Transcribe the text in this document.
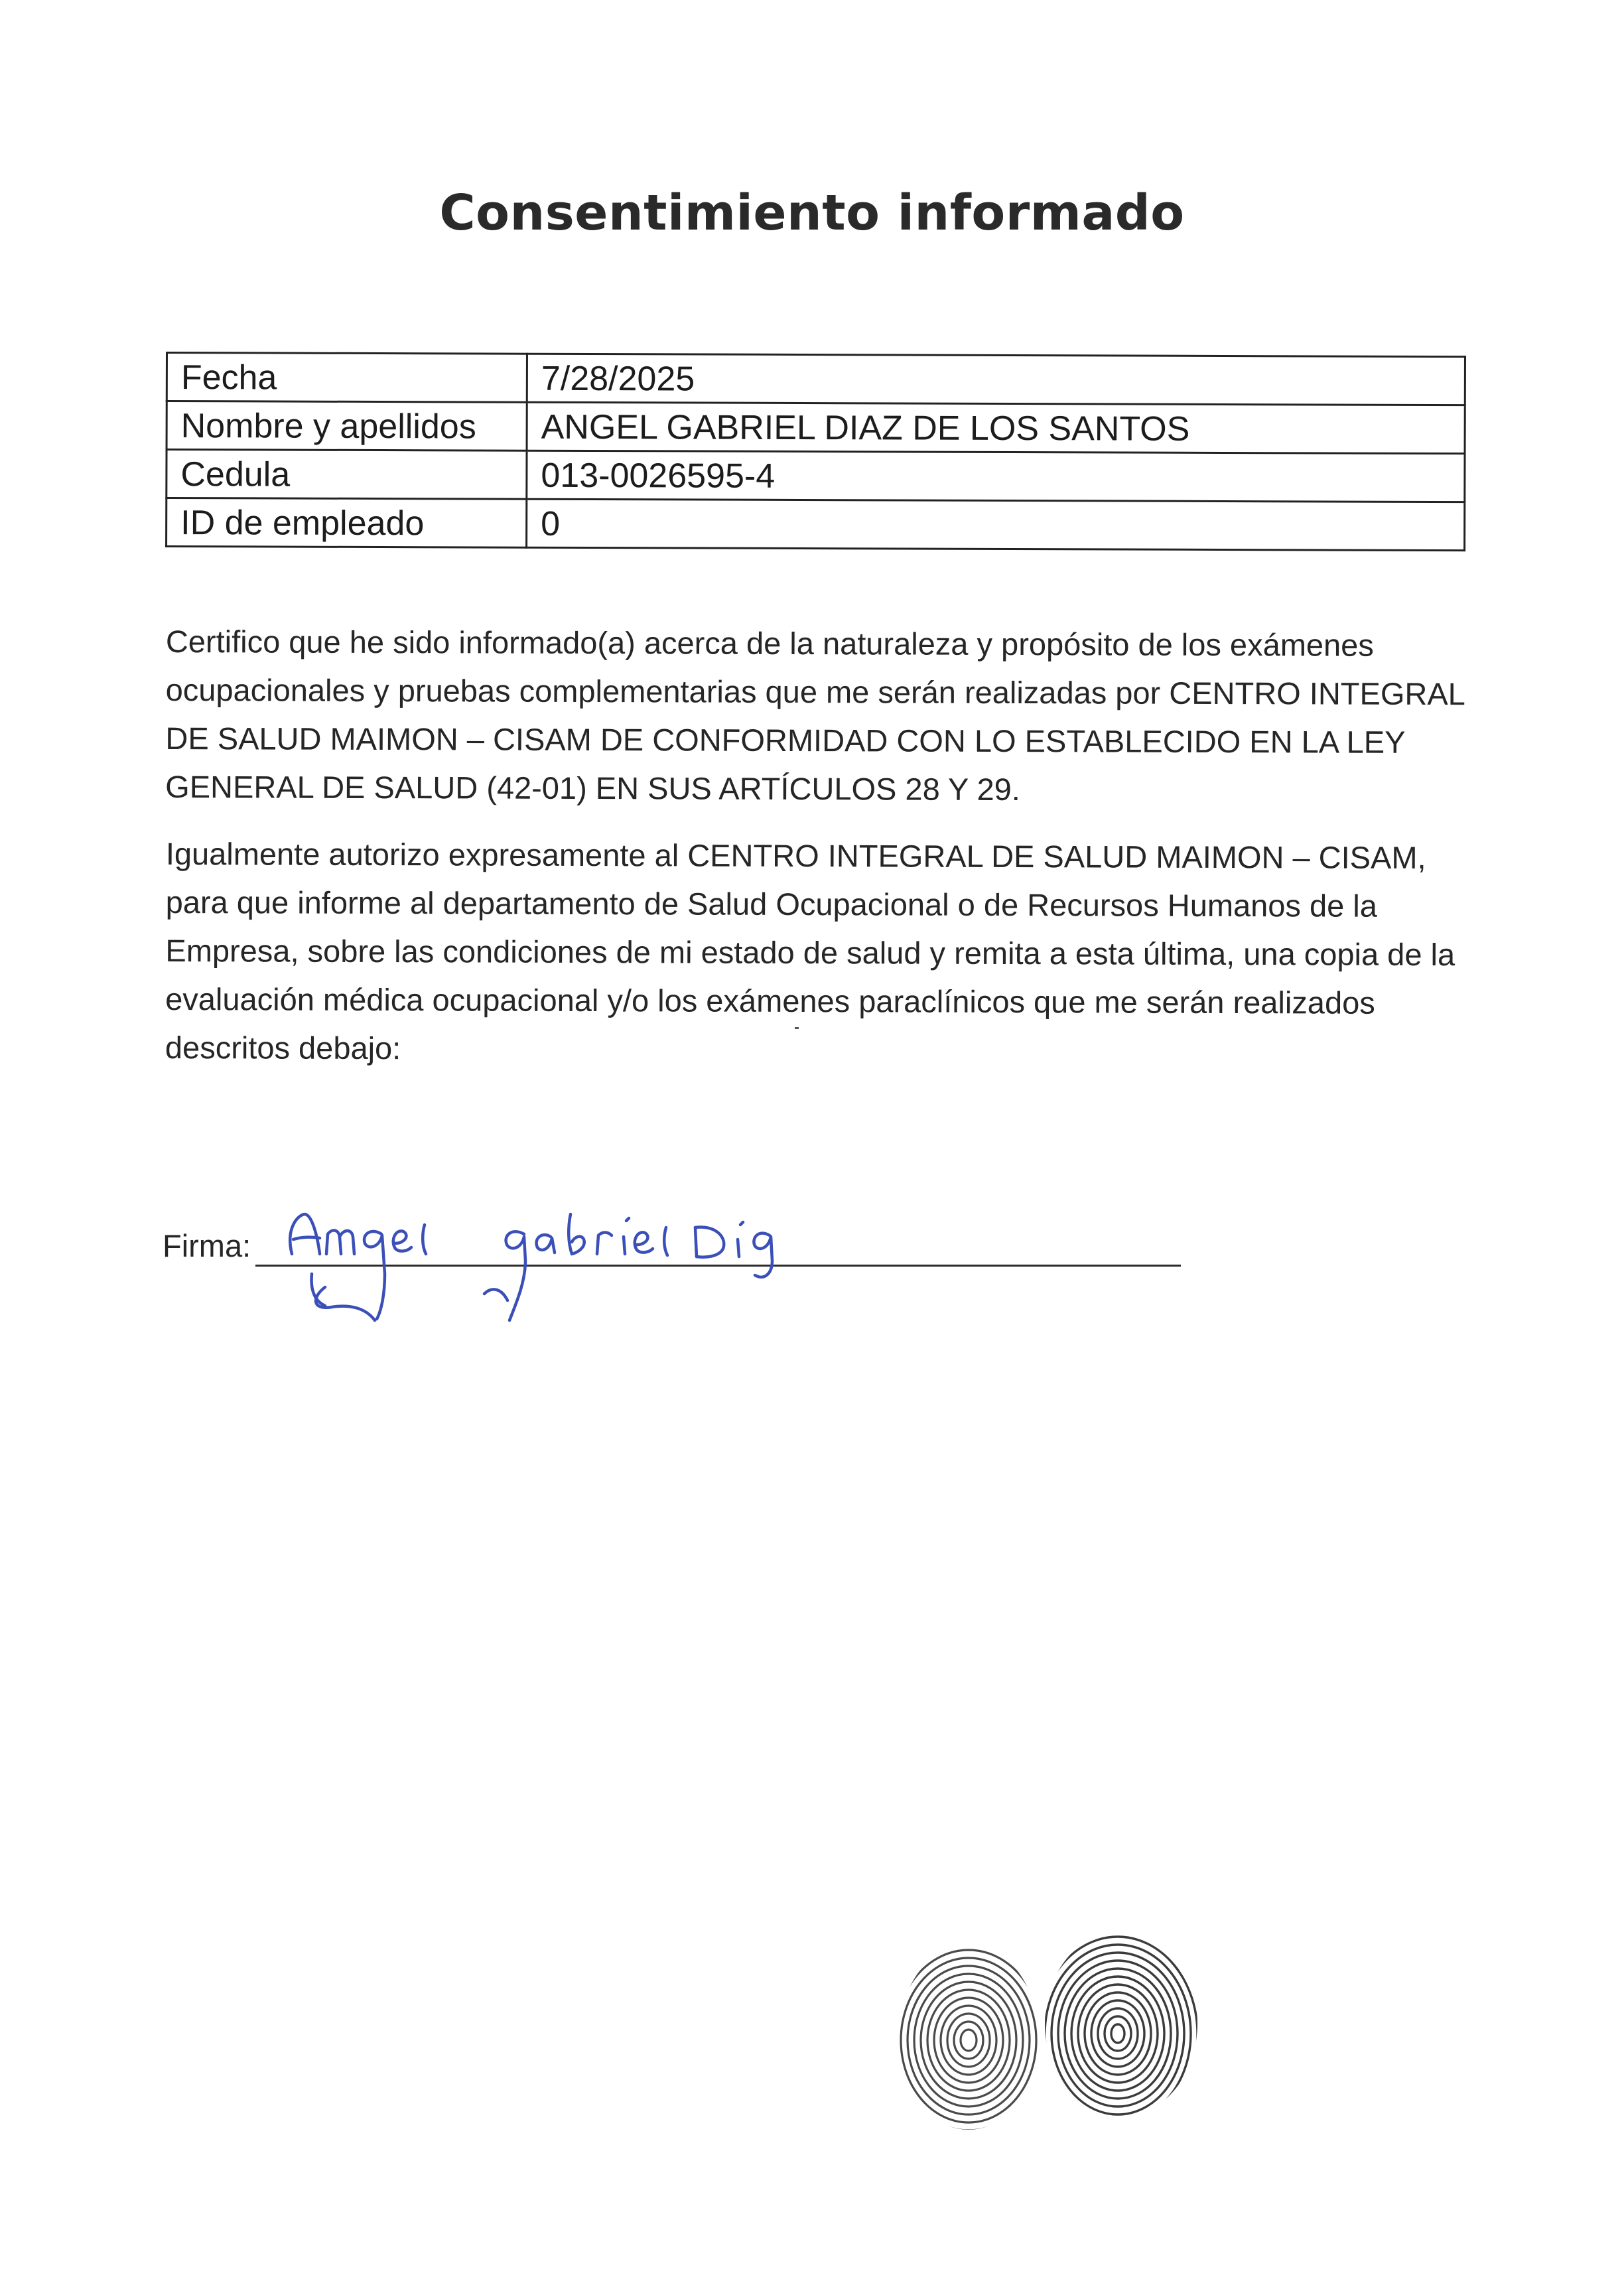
Consentimiento informado
Fecha	7/28/2025
Nombre y apellidos	ANGEL GABRIEL DIAZ DE LOS SANTOS
Cedula	013-0026595-4
ID de empleado	0

Certifico que he sido informado(a) acerca de la naturaleza y propósito de los exámenes ocupacionales y pruebas complementarias que me serán realizadas por CENTRO INTEGRAL DE SALUD MAIMON – CISAM DE CONFORMIDAD CON LO ESTABLECIDO EN LA LEY GENERAL DE SALUD (42-01) EN SUS ARTÍCULOS 28 Y 29.

Igualmente autorizo expresamente al CENTRO INTEGRAL DE SALUD MAIMON – CISAM, para que informe al departamento de Salud Ocupacional o de Recursos Humanos de la Empresa, sobre las condiciones de mi estado de salud y remita a esta última, una copia de la evaluación médica ocupacional y/o los exámenes paraclínicos que me serán realizados descritos debajo:

Firma:
